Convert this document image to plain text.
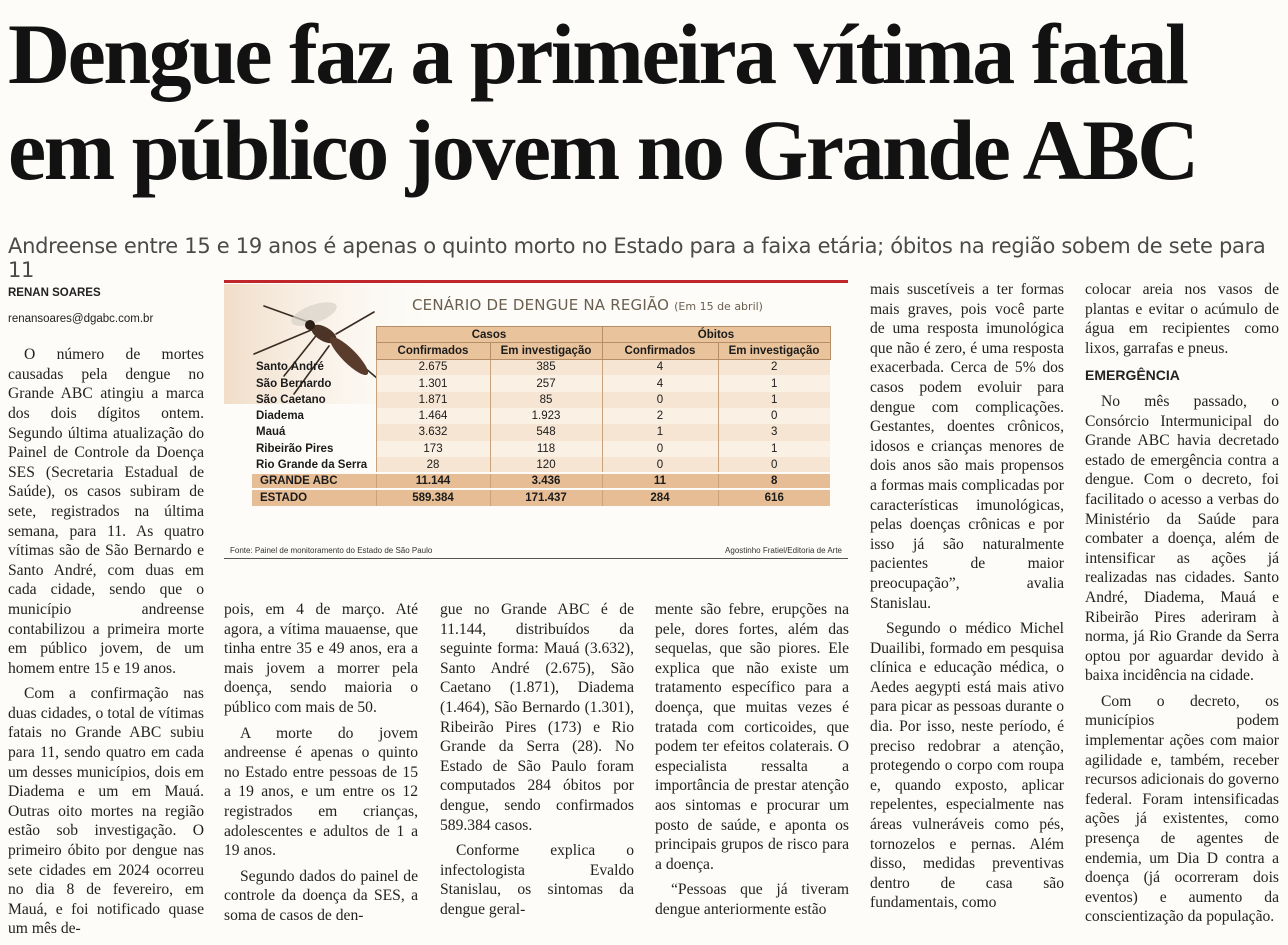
Dengue faz a primeira vítima fatal
em público jovem no Grande ABC
Andreense entre 15 e 19 anos é apenas o quinto morto no Estado para a faixa etária; óbitos na região sobem de sete para 11
RENAN SOARES
renansoares@dgabc.com.br

O número de mortes causadas pela dengue no Grande ABC atingiu a marca dos dois dígitos ontem. Segundo última atualização do Painel de Controle da Doença SES (Secretaria Estadual de Saúde), os casos subiram de sete, registrados na última semana, para 11. As quatro vítimas são de São Bernardo e Santo André, com duas em cada cidade, sendo que o município andreense contabilizou a primeira morte em público jovem, de um homem entre 15 e 19 anos.

Com a confirmação nas duas cidades, o total de vítimas fatais no Grande ABC subiu para 11, sendo quatro em cada um desses municípios, dois em Diadema e um em Mauá. Outras oito mortes na região estão sob investigação. O primeiro óbito por dengue nas sete cidades em 2024 ocorreu no dia 8 de fevereiro, em Mauá, e foi notificado quase um mês de-

CENÁRIO DE DENGUE NA REGIÃO (Em 15 de abril)
	Casos		Óbitos	
	Confirmados	Em investigação	Confirmados	Em investigação
Santo André	2.675	385	4	2
São Bernardo	1.301	257	4	1
São Caetano	1.871	85	0	1
Diadema	1.464	1.923	2	0
Mauá	3.632	548	1	3
Ribeirão Pires	173	118	0	1
Rio Grande da Serra	28	120	0	0
GRANDE ABC	11.144	3.436	11	8
ESTADO	589.384	171.437	284	616
Fonte: Painel de monitoramento do Estado de São Paulo	Agostinho Fratiel/Editoria de Arte

pois, em 4 de março. Até agora, a vítima mauaense, que tinha entre 35 e 49 anos, era a mais jovem a morrer pela doença, sendo maioria o público com mais de 50.

A morte do jovem andreense é apenas o quinto no Estado entre pessoas de 15 a 19 anos, e um entre os 12 registrados em crianças, adolescentes e adultos de 1 a 19 anos.

Segundo dados do painel de controle da doença da SES, a soma de casos de den-

gue no Grande ABC é de 11.144, distribuídos da seguinte forma: Mauá (3.632), Santo André (2.675), São Caetano (1.871), Diadema (1.464), São Bernardo (1.301), Ribeirão Pires (173) e Rio Grande da Serra (28). No Estado de São Paulo foram computados 284 óbitos por dengue, sendo confirmados 589.384 casos.

Conforme explica o infectologista Evaldo Stanislau, os sintomas da dengue geral-

mente são febre, erupções na pele, dores fortes, além das sequelas, que são piores. Ele explica que não existe um tratamento específico para a doença, que muitas vezes é tratada com corticoides, que podem ter efeitos colaterais. O especialista ressalta a importância de prestar atenção aos sintomas e procurar um posto de saúde, e aponta os principais grupos de risco para a doença.

“Pessoas que já tiveram dengue anteriormente estão

mais suscetíveis a ter formas mais graves, pois você parte de uma resposta imunológica que não é zero, é uma resposta exacerbada. Cerca de 5% dos casos podem evoluir para dengue com complicações. Gestantes, doentes crônicos, idosos e crianças menores de dois anos são mais propensos a formas mais complicadas por características imunológicas, pelas doenças crônicas e por isso já são naturalmente pacientes de maior preocupação”, avalia Stanislau.

Segundo o médico Michel Duailibi, formado em pesquisa clínica e educação médica, o Aedes aegypti está mais ativo para picar as pessoas durante o dia. Por isso, neste período, é preciso redobrar a atenção, protegendo o corpo com roupa e, quando exposto, aplicar repelentes, especialmente nas áreas vulneráveis como pés, tornozelos e pernas. Além disso, medidas preventivas dentro de casa são fundamentais, como

colocar areia nos vasos de plantas e evitar o acúmulo de água em recipientes como lixos, garrafas e pneus.

EMERGÊNCIA

No mês passado, o Consórcio Intermunicipal do Grande ABC havia decretado estado de emergência contra a dengue. Com o decreto, foi facilitado o acesso a verbas do Ministério da Saúde para combater a doença, além de intensificar as ações já realizadas nas cidades. Santo André, Diadema, Mauá e Ribeirão Pires aderiram à norma, já Rio Grande da Serra optou por aguardar devido à baixa incidência na cidade.

Com o decreto, os municípios podem implementar ações com maior agilidade e, também, receber recursos adicionais do governo federal. Foram intensificadas ações já existentes, como presença de agentes de endemia, um Dia D contra a doença (já ocorreram dois eventos) e aumento da conscientização da população.
